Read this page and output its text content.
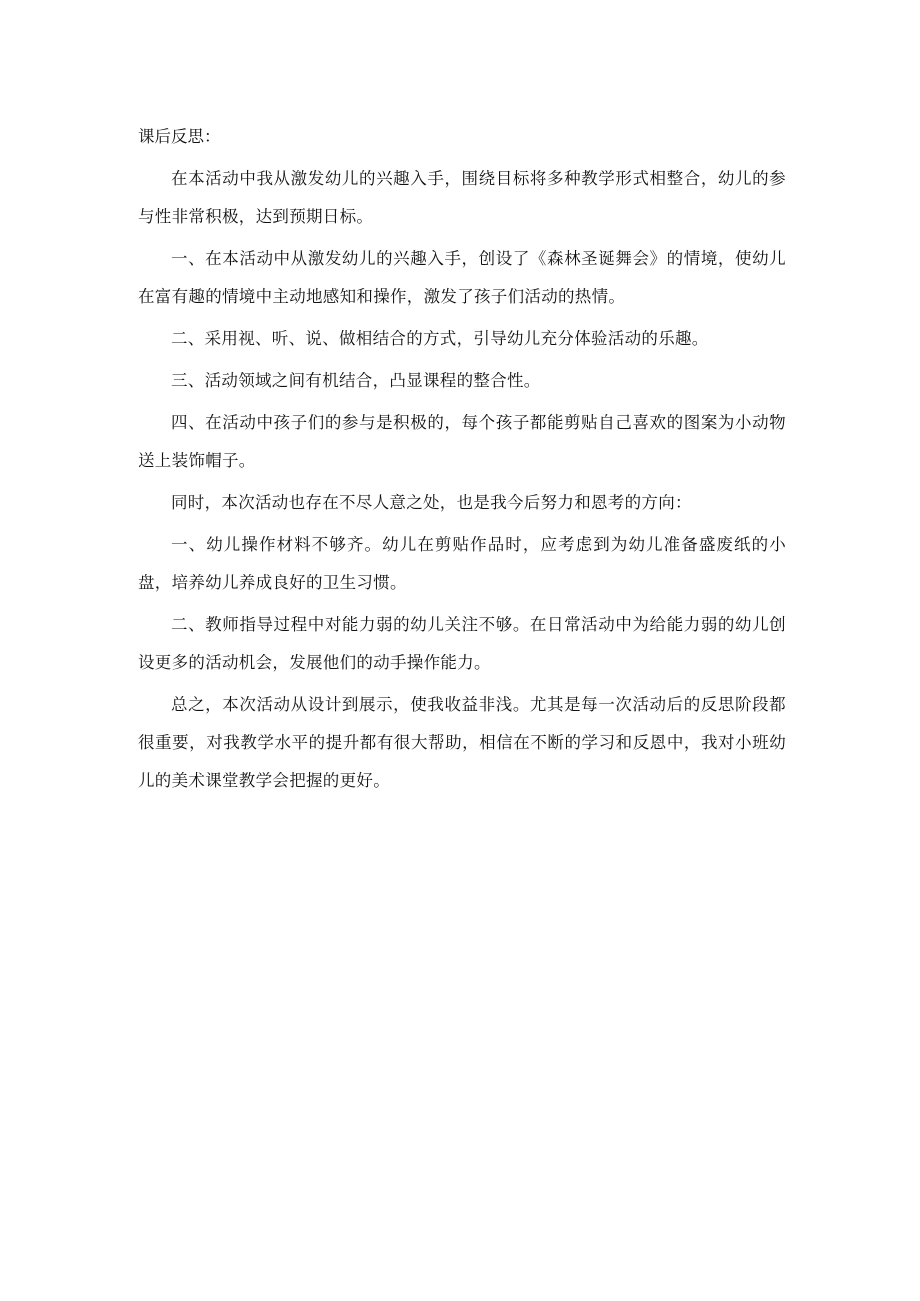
课后反思：

在本活动中我从激发幼儿的兴趣入手，围绕目标将多种教学形式相整合，幼儿的参与性非常积极，达到预期日标。

一、在本活动中从激发幼儿的兴趣入手，创设了《森林圣诞舞会》的情境，使幼儿在富有趣的情境中主动地感知和操作，激发了孩子们活动的热情。

二、采用视、听、说、做相结合的方式，引导幼儿充分体验活动的乐趣。

三、活动领域之间有机结合，凸显课程的整合性。

四、在活动中孩子们的参与是积极的，每个孩子都能剪贴自己喜欢的图案为小动物送上装饰帽子。

同时，本次活动也存在不尽人意之处，也是我今后努力和恩考的方向：

一、幼儿操作材料不够齐。幼儿在剪贴作品时，应考虑到为幼儿准备盛废纸的小盘，培养幼儿养成良好的卫生习惯。

二、教师指导过程中对能力弱的幼儿关注不够。在日常活动中为给能力弱的幼儿创设更多的活动机会，发展他们的动手操作能力。

总之，本次活动从设计到展示，使我收益非浅。尤其是每一次活动后的反思阶段都很重要，对我教学水平的提升都有很大帮助，相信在不断的学习和反恩中，我对小班幼儿的美术课堂教学会把握的更好。
